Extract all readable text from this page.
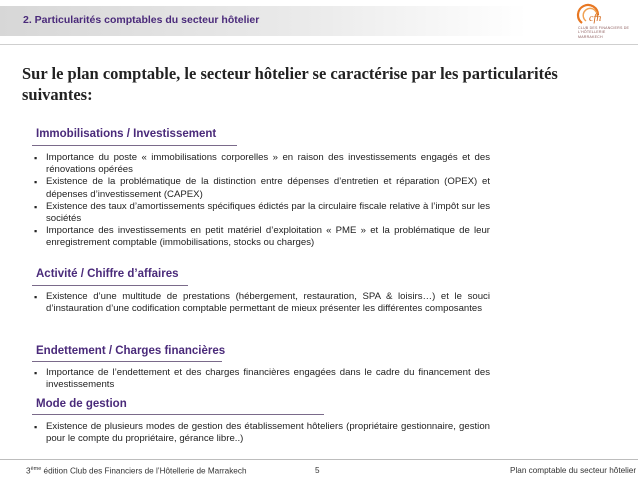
2. Particularités comptables du secteur hôtelier	cfh
CLUB DES FINANCIERS DE L'HÔTELLERIE MARRAKECH
Sur le plan comptable, le secteur hôtelier se caractérise par les particularités suivantes:
Immobilisations / Investissement
▪ Importance du poste « immobilisations corporelles » en raison des investissements engagés et des rénovations opérées
▪ Existence de la problématique de la distinction entre dépenses d’entretien et réparation (OPEX) et dépenses d’investissement (CAPEX)
▪ Existence des taux d’amortissements spécifiques édictés par la circulaire fiscale relative à l’impôt sur les sociétés
▪ Importance des investissements en petit matériel d’exploitation « PME » et la problématique de leur enregistrement comptable (immobilisations, stocks ou charges)
Activité / Chiffre d’affaires
▪ Existence d’une multitude de prestations (hébergement, restauration, SPA & loisirs…) et le souci d’instauration d’une codification comptable permettant de mieux présenter les différentes composantes
Endettement / Charges financières
▪ Importance de l’endettement et des charges financières engagées dans le cadre du financement des investissements
Mode de gestion
▪ Existence de plusieurs modes de gestion des établissement hôteliers (propriétaire gestionnaire, gestion pour le compte du propriétaire, gérance libre..)
3ème édition Club des Financiers de l’Hôtellerie de Marrakech	5	Plan comptable du secteur hôtelier
